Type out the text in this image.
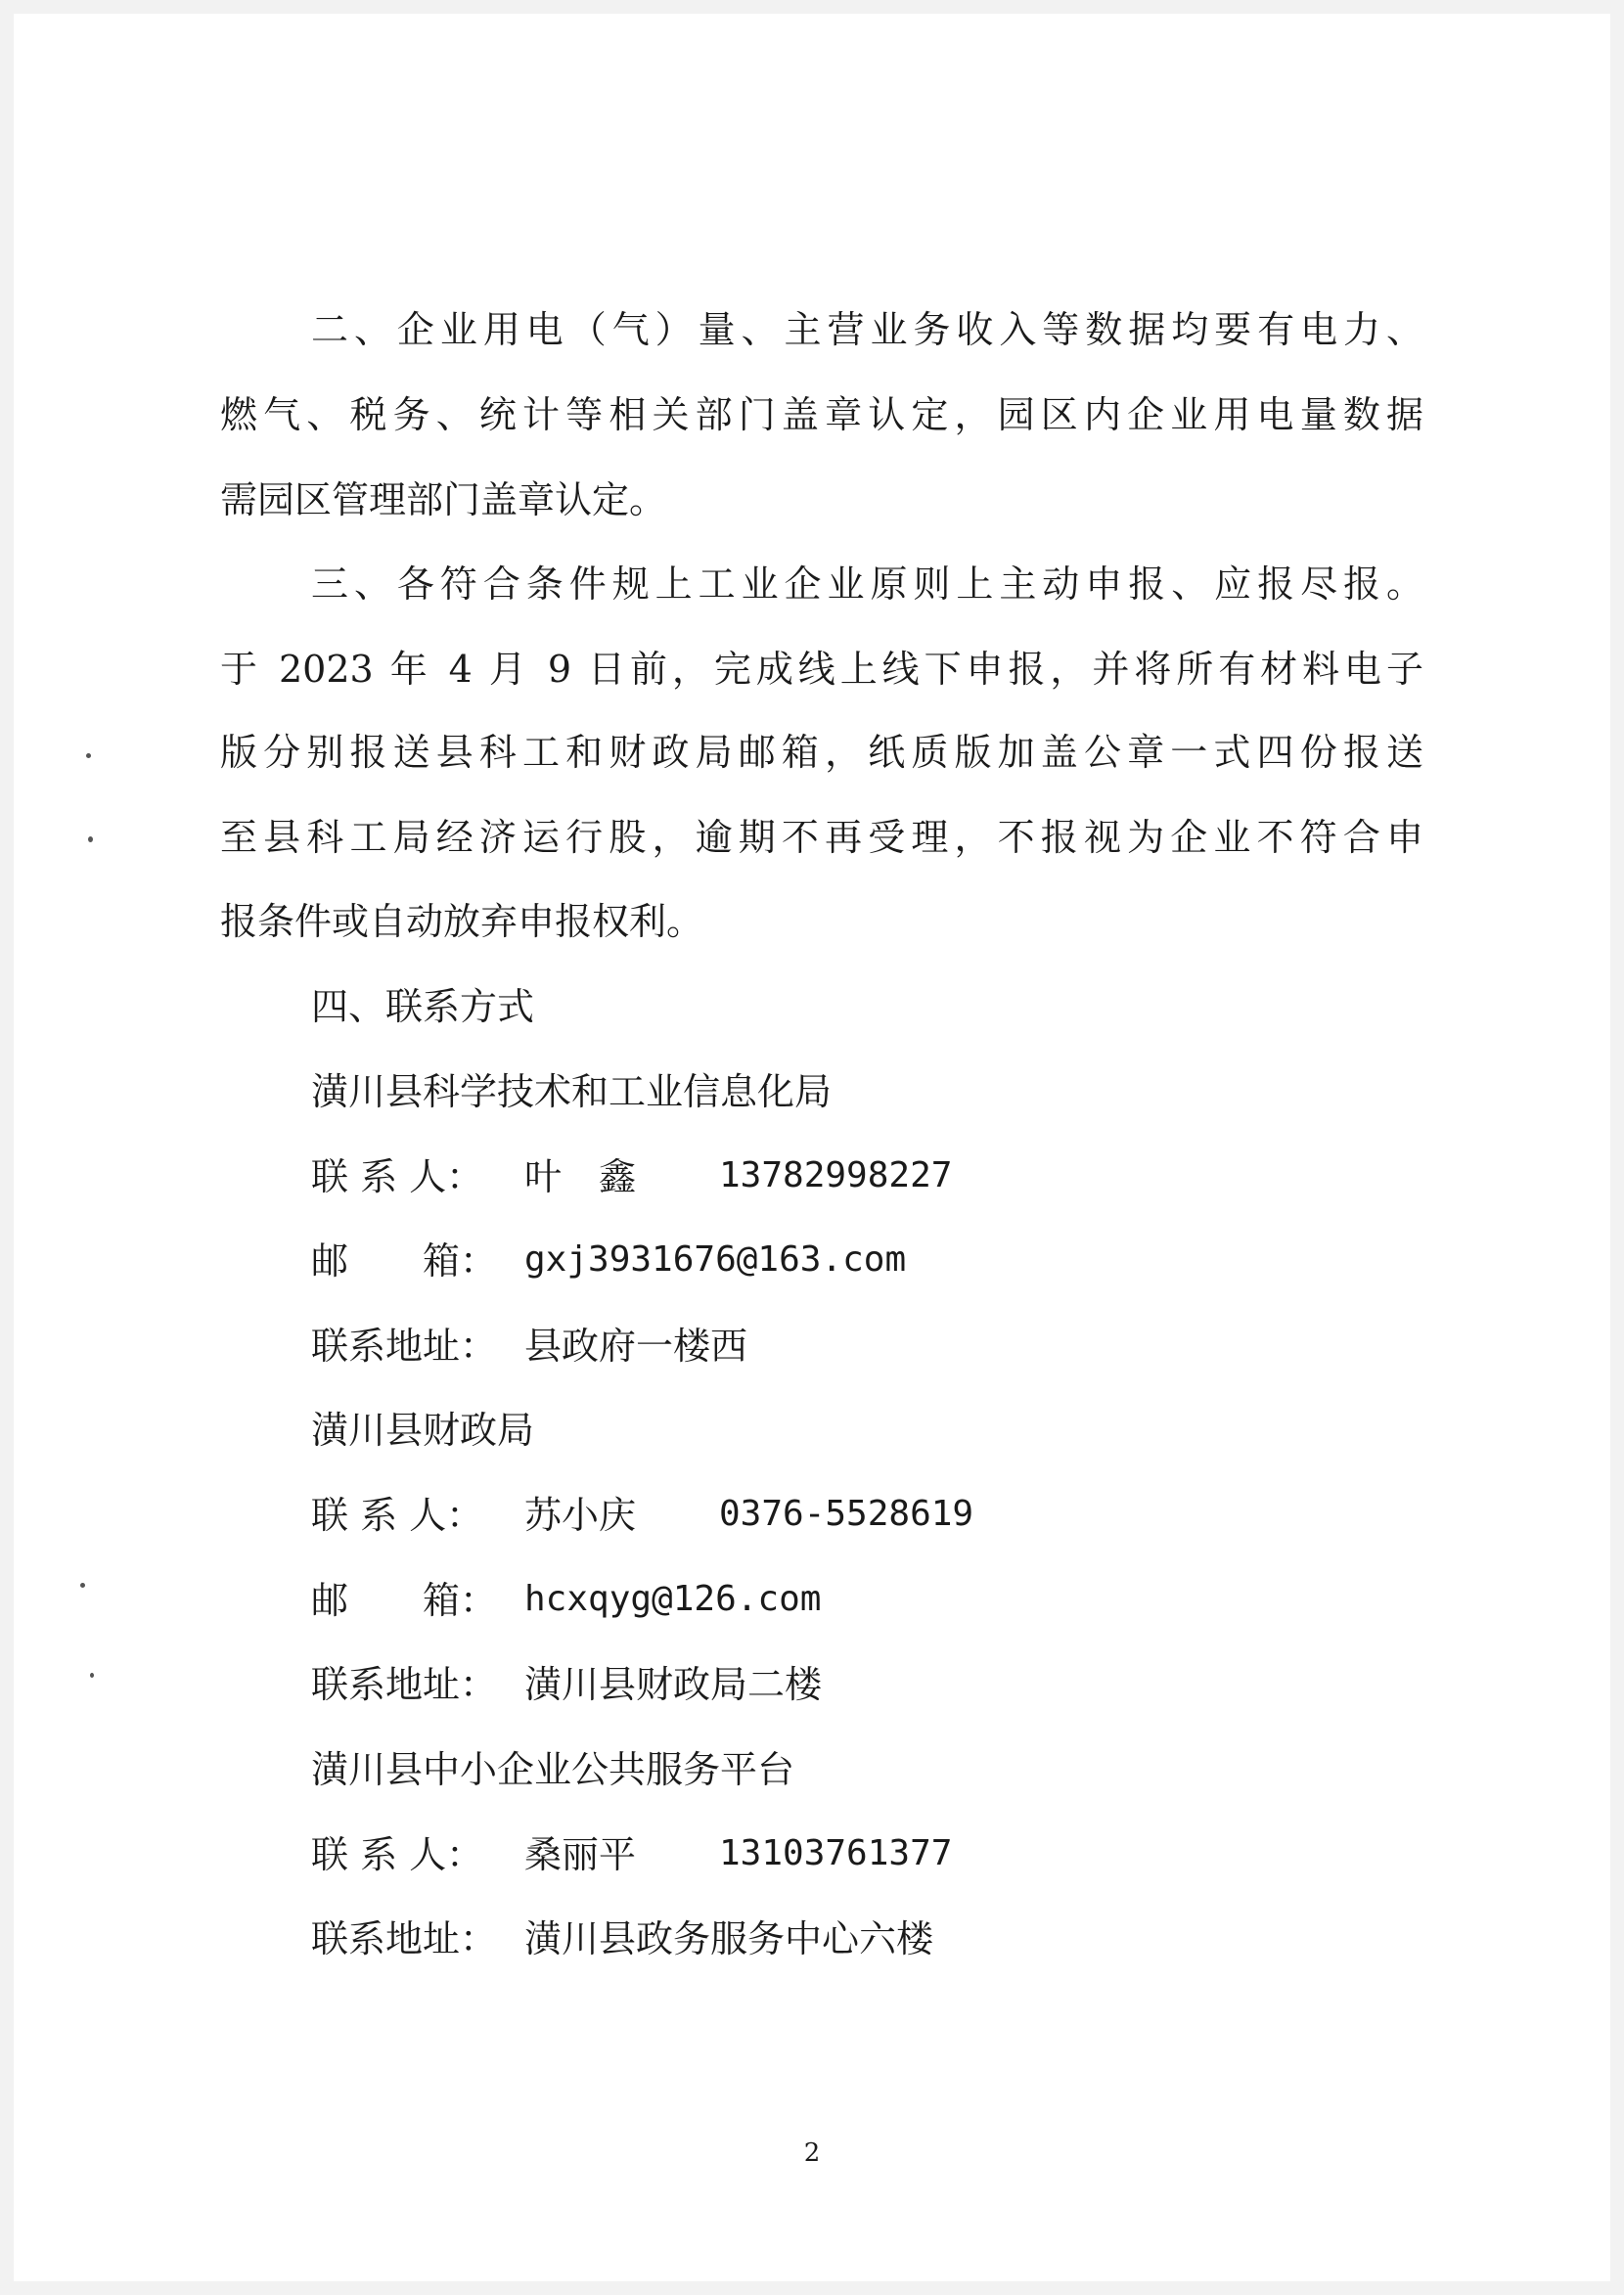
二、企业用电（气）量、主营业务收入等数据均要有电力、
燃气、税务、统计等相关部门盖章认定，园区内企业用电量数据
需园区管理部门盖章认定。
三、各符合条件规上工业企业原则上主动申报、应报尽报。
于 2023 年 4 月 9 日前，完成线上线下申报，并将所有材料电子
版分别报送县科工和财政局邮箱，纸质版加盖公章一式四份报送
至县科工局经济运行股，逾期不再受理，不报视为企业不符合申
报条件或自动放弃申报权利。
四、联系方式
潢川县科学技术和工业信息化局
联 系 人： 叶　鑫 13782998227
邮　　箱： gxj3931676@163.com
联系地址： 县政府一楼西
潢川县财政局
联 系 人： 苏小庆 0376-5528619
邮　　箱： hcxqyg@126.com
联系地址： 潢川县财政局二楼
潢川县中小企业公共服务平台
联 系 人： 桑丽平 13103761377
联系地址： 潢川县政务服务中心六楼
2
